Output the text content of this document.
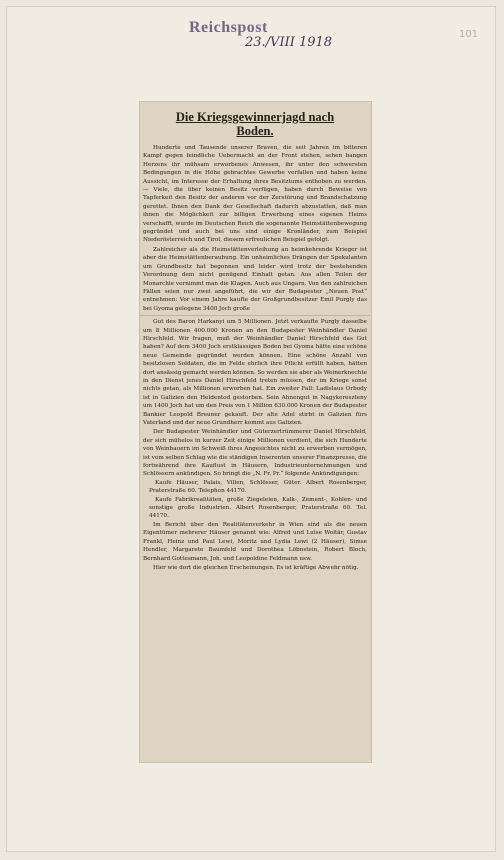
Reichspost
23./VIII 1918
101
Die Kriegsgewinnerjagd nach
Boden.

Hunderte und Tausende unserer Braven, die seit Jahren im bitteren Kampf gegen feindliche Uebermacht an der Front stehen, sehen bangen Herzens ihr mühsam erworbenes Anwesen, ihr unter den schwersten Bedingungen in die Höhe gebrachtes Gewerbe verfallen und haben keine Aussicht, im Interesse der Erhaltung ihres Besitztums enthoben zu werden. — Viele, die über keinen Besitz verfügen, haben durch Beweise von Tapferkeit den Besitz der anderen vor der Zerstörung und Brandschatzung gerettet. Ihnen den Dank der Gesellschaft dadurch abzustatten, daß man ihnen die Möglichkeit zur billigen Erwerbung eines eigenen Heims verschafft, wurde im Deutschen Reich die sogenannte Heimstättenbewegung gegründet und auch bei uns sind einige Kronländer, zum Beispiel Niederösterreich und Tirol, diesem erfreulichen Beispiel gefolgt.

Zahlreicher als die Heimstättenverleihung an heimkehrende Krieger ist aber die Heimstättenberaubung. Ein unheimliches Drängen der Spekulanten um Grundbesitz hat begonnen und leider wird trotz der bestehenden Verordnung dem nicht genügend Einhalt getan. Aus allen Teilen der Monarchie vernimmt man die Klagen. Auch aus Ungarn. Von den zahlreichen Fällen seien nur zwei angeführt, die wir der Budapester „Neuen Post“ entnehmen: Vor einem Jahre kaufte der Großgrundbesitzer Emil Purgly das bei Gyoma gelegene 3400 Joch große

Gut des Baron Harkanyi um 5 Millionen. Jetzt verkaufte Purgly dasselbe um 8 Millionen 400.000 Kronen an den Budapester Weinhändler Daniel Hirschfeld. Wir fragen, muß der Weinhändler Daniel Hirschfeld das Gut haben? Auf dem 3400 Joch erstklassigen Boden bei Gyoma hätte eine schöne neue Gemeinde gegründet werden können. Eine schöne Anzahl von besitzlosen Soldaten, die im Felde ehrlich ihre Pflicht erfüllt haben, hätten dort ansässig gemacht werden können. So werden sie aber als Weinerknechte in den Dienst jenes Daniel Hirschfeld treten müssen, der im Kriege sonst nichts getan, als Millionen erworben hat. Ein zweiter Fall: Ladislaus Orbody ist in Galizien den Heldentod gestorben. Sein Ahnengut in Nagykereszteny um 1400 Joch hat um den Preis von 1 Million 630.000 Kronen der Budapester Bankier Leopold Breuner gekauft. Der alte Adel stirbt in Galizien fürs Vaterland und der neue Grundherr kommt aus Galizien.

Der Budapester Weinhändler und Güterzertrümmerer Daniel Hirschfeld, der sich mühelos in kurzer Zeit einige Millionen verdient, die sich Hunderte von Weinbauern im Schweiß ihres Angesichtes nicht zu erwerben vermögen, ist vom selben Schlag wie die ständigen Inserenten unserer Finanzpresse, die fortwährend ihre Kauflust in Häusern, Industrieunternehmungen und Schlössern ankündigen. So bringt die „N. Fr. Pr.“ folgende Ankündigungen:

Kaufe Häuser, Palais, Villen, Schlösser, Güter. Albert Rosenberger, Praterstraße 60. Telephon 44170.

Kaufe Fabrikrealitäten, große Ziegeleien, Kalk-, Zement-, Kohlen- und sonstige große Industrien. Albert Rosenberger, Praterstraße 60. Tel. 44170.

Im Bericht über den Realitätenverkehr in Wien sind als die neuen Eigentümer mehrerer Häuser genannt wie: Alfred und Luise Woltär, Gustav Frankl, Heinz und Paul Lewi, Moritz und Lydia Lewi (2 Häuser), Simse Hendler, Margarete Baumfeld und Dorothea Löbnstein, Robert Bloch, Bernhard Gottesmann, Joh. und Leopoldine Feldmann usw.

Hier wie dort die gleichen Erscheinungen. Es ist kräftige Abwehr nötig.
